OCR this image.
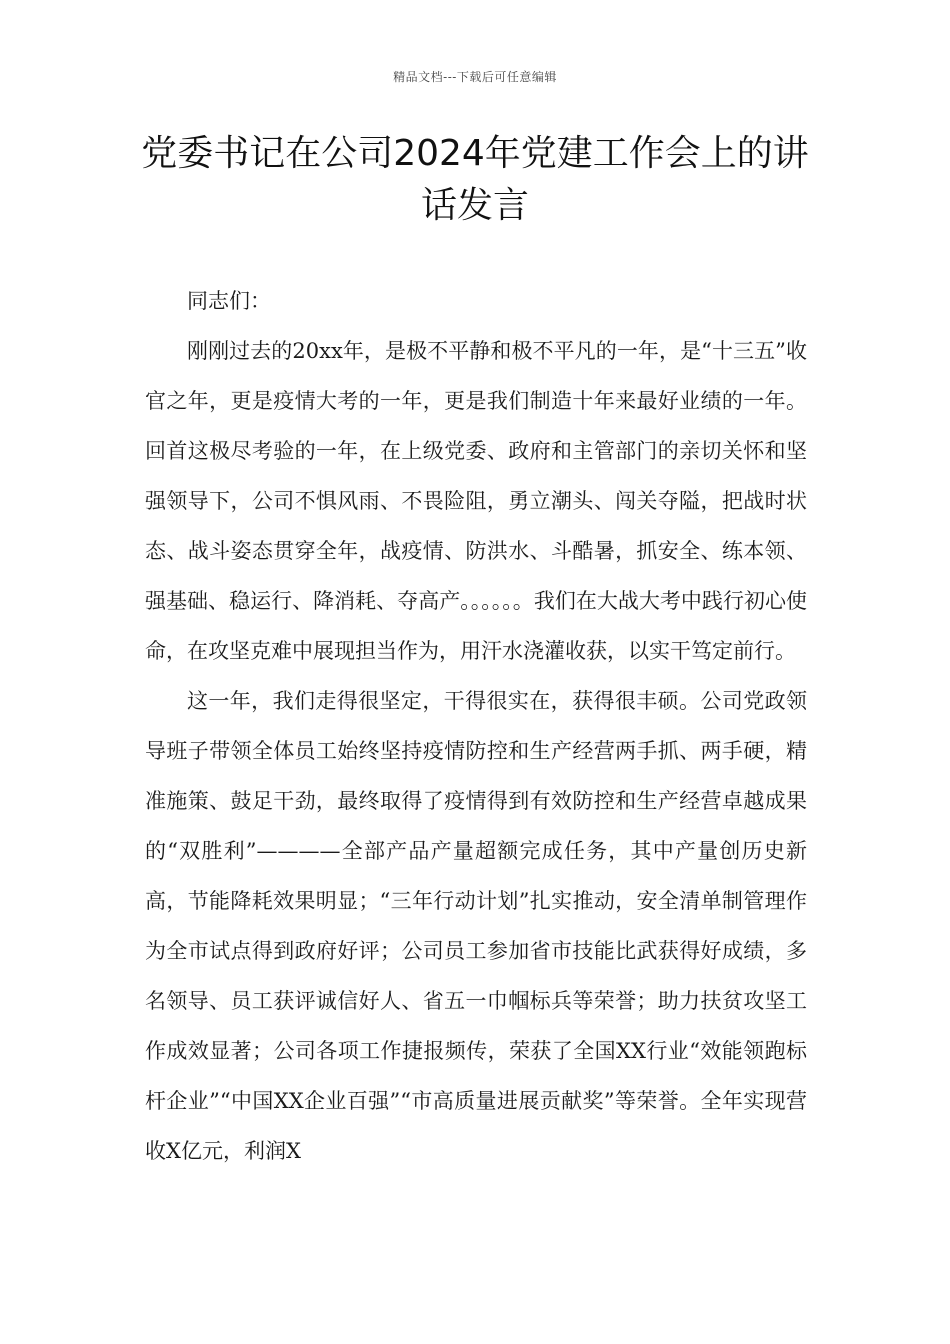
精品文档---下载后可任意编辑
党委书记在公司2024年党建工作会上的讲话发言

同志们：

刚刚过去的20xx年，是极不平静和极不平凡的一年，是“十三五”收官之年，更是疫情大考的一年，更是我们制造十年来最好业绩的一年。回首这极尽考验的一年，在上级党委、政府和主管部门的亲切关怀和坚强领导下，公司不惧风雨、不畏险阻，勇立潮头、闯关夺隘，把战时状态、战斗姿态贯穿全年，战疫情、防洪水、斗酷暑，抓安全、练本领、强基础、稳运行、降消耗、夺高产。。。。。。我们在大战大考中践行初心使命，在攻坚克难中展现担当作为，用汗水浇灌收获，以实干笃定前行。

这一年，我们走得很坚定，干得很实在，获得很丰硕。公司党政领导班子带领全体员工始终坚持疫情防控和生产经营两手抓、两手硬，精准施策、鼓足干劲，最终取得了疫情得到有效防控和生产经营卓越成果的“双胜利”————全部产品产量超额完成任务，其中产量创历史新高，节能降耗效果明显；“三年行动计划”扎实推动，安全清单制管理作为全市试点得到政府好评；公司员工参加省市技能比武获得好成绩，多名领导、员工获评诚信好人、省五一巾帼标兵等荣誉；助力扶贫攻坚工作成效显著；公司各项工作捷报频传，荣获了全国XX行业“效能领跑标杆企业”“中国XX企业百强”“市高质量进展贡献奖”等荣誉。全年实现营收X亿元，利润X
